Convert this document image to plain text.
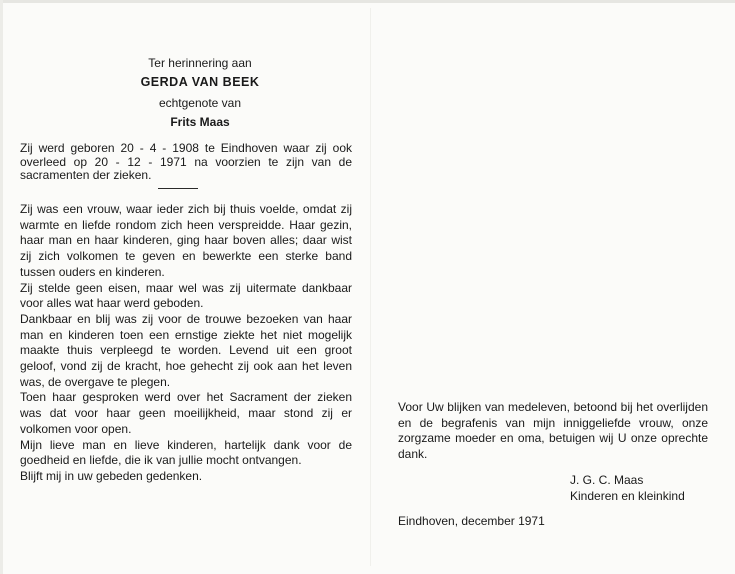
Ter herinnering aan
GERDA VAN BEEK
echtgenote van
Frits Maas

Zij werd geboren 20 - 4 - 1908 te Eindhoven waar zij ook overleed op 20 - 12 - 1971 na voorzien te zijn van de sacramenten der zieken.

Zij was een vrouw, waar ieder zich bij thuis voelde, omdat zij warmte en liefde rondom zich heen verspreidde. Haar gezin, haar man en haar kinderen, ging haar boven alles; daar wist zij zich volkomen te geven en bewerkte een sterke band tussen ouders en kinderen.

Zij stelde geen eisen, maar wel was zij uitermate dankbaar voor alles wat haar werd geboden.

Dankbaar en blij was zij voor de trouwe bezoeken van haar man en kinderen toen een ernstige ziekte het niet mogelijk maakte thuis verpleegd te worden. Levend uit een groot geloof, vond zij de kracht, hoe gehecht zij ook aan het leven was, de overgave te plegen.

Toen haar gesproken werd over het Sacrament der zieken was dat voor haar geen moeilijkheid, maar stond zij er volkomen voor open.

Mijn lieve man en lieve kinderen, hartelijk dank voor de goedheid en liefde, die ik van jullie mocht ontvangen.

Blijft mij in uw gebeden gedenken.

Voor Uw blijken van medeleven, betoond bij het overlijden en de begrafenis van mijn inniggeliefde vrouw, onze zorgzame moeder en oma, betuigen wij U onze oprechte dank.

J. G. C. Maas
Kinderen en kleinkind
Eindhoven, december 1971
